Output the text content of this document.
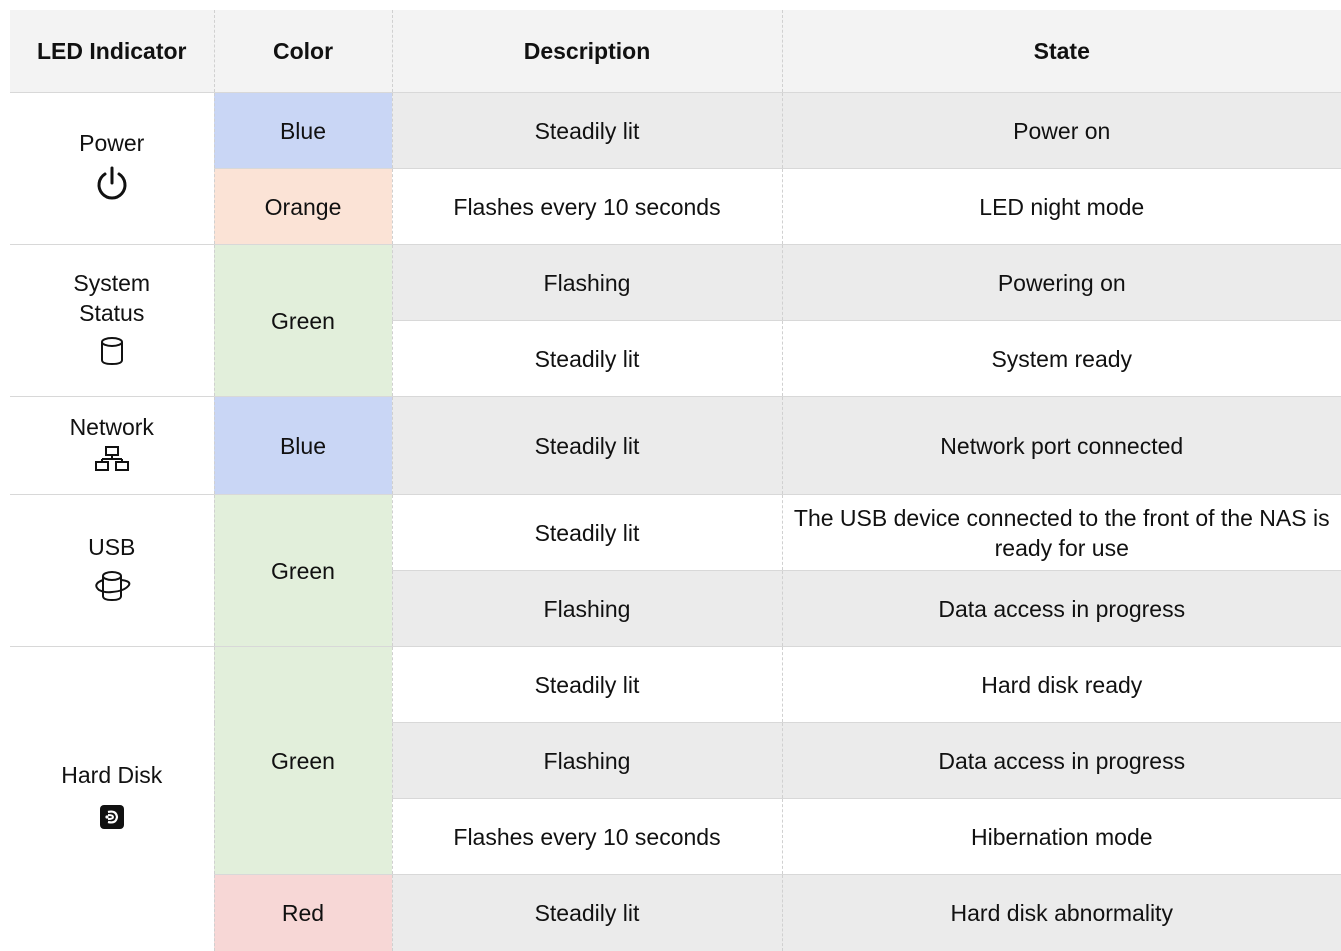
LED Indicator	Color	Description	State

Power	Blue	Steadily lit	Power on
	Orange	Flashes every 10 seconds	LED night mode

System Status	Green	Flashing	Powering on
		Steadily lit	System ready

Network	Blue	Steadily lit	Network port connected

USB	Green	Steadily lit	The USB device connected to the front of the NAS is ready for use
		Flashing	Data access in progress

Hard Disk	Green	Steadily lit	Hard disk ready
		Flashing	Data access in progress
		Flashes every 10 seconds	Hibernation mode
	Red	Steadily lit	Hard disk abnormality
